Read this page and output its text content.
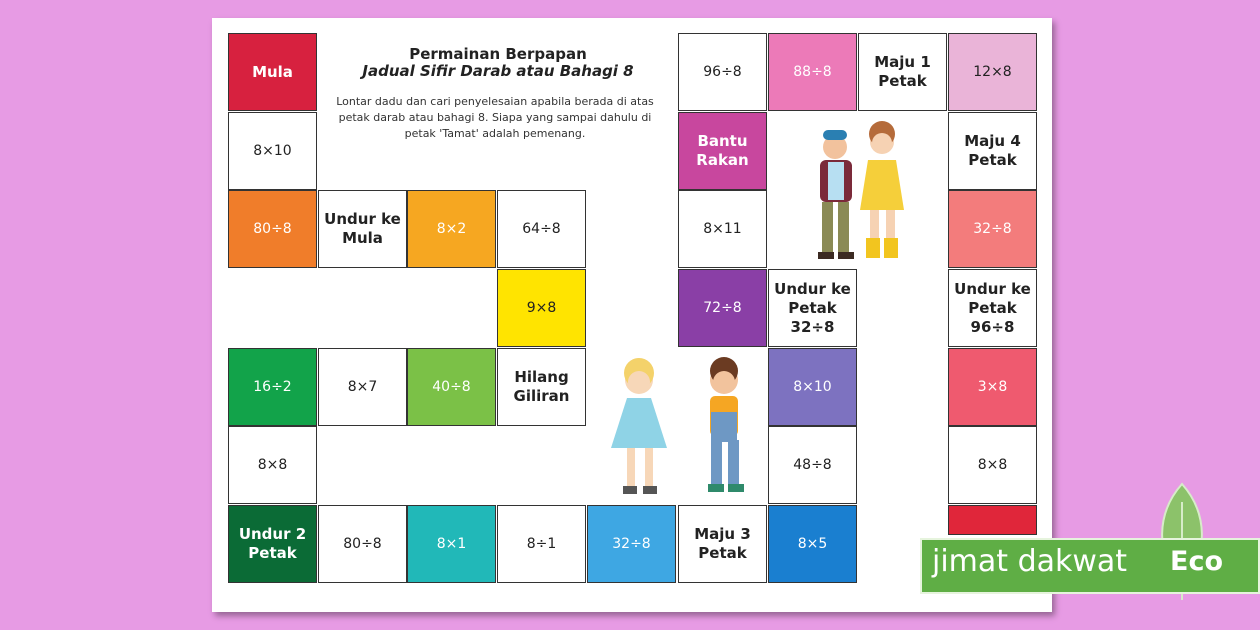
Permainan Berpapan
Jadual Sifir Darab atau Bahagi 8
Lontar dadu dan cari penyelesaian apabila berada di atas petak darab atau bahagi 8. Siapa yang sampai dahulu di petak 'Tamat' adalah pemenang.
Mula
8×10
80÷8
Undur ke Mula
8×2	64÷8
9×8
Hilang Giliran
40÷8
8×7
16÷2
8×8
Undur 2 Petak
80÷8	8×1	8÷1	32÷8
Maju 3 Petak
8×5
48÷8
8×10
Undur ke Petak 32÷8
72÷8
8×11
Bantu Rakan
96÷8	88÷8
Maju 1 Petak
12×8
Maju 4 Petak
32÷8
Undur ke Petak 96÷8
3×8
8×8
jimat dakwat Eco
